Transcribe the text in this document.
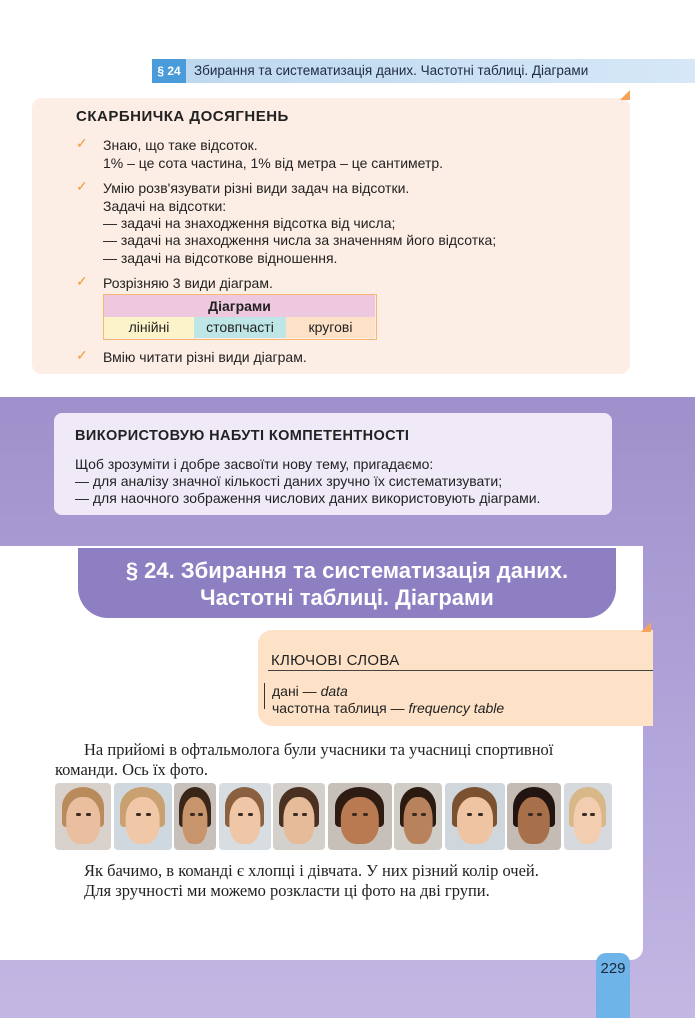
§ 24 Збирання та систематизація даних. Частотні таблиці. Діаграми
СКАРБНИЧКА ДОСЯГНЕНЬ
✓ Знаю, що таке відсоток.
1% – це сота частина, 1% від метра – це сантиметр.
✓ Умію розв'язувати різні види задач на відсотки.
Задачі на відсотки:
— задачі на знаходження відсотка від числа;
— задачі на знаходження числа за значенням його відсотка;
— задачі на відсоткове відношення.
✓ Розрізняю 3 види діаграм.
Діаграми
лінійні	стовпчасті	кругові
✓ Вмію читати різні види діаграм.
ВИКОРИСТОВУЮ НАБУТІ КОМПЕТЕНТНОСТІ
Щоб зрозуміти і добре засвоїти нову тему, пригадаємо:
— для аналізу значної кількості даних зручно їх систематизувати;
— для наочного зображення числових даних використовують діаграми.
§ 24. Збирання та систематизація даних.
Частотні таблиці. Діаграми
КЛЮЧОВІ СЛОВА
дані — data
частотна таблиця — frequency table
На прийомі в офтальмолога були учасники та учасниці спортивної
команди. Ось їх фото.
Як бачимо, в команді є хлопці і дівчата. У них різний колір очей.
Для зручності ми можемо розкласти ці фото на дві групи.
229
